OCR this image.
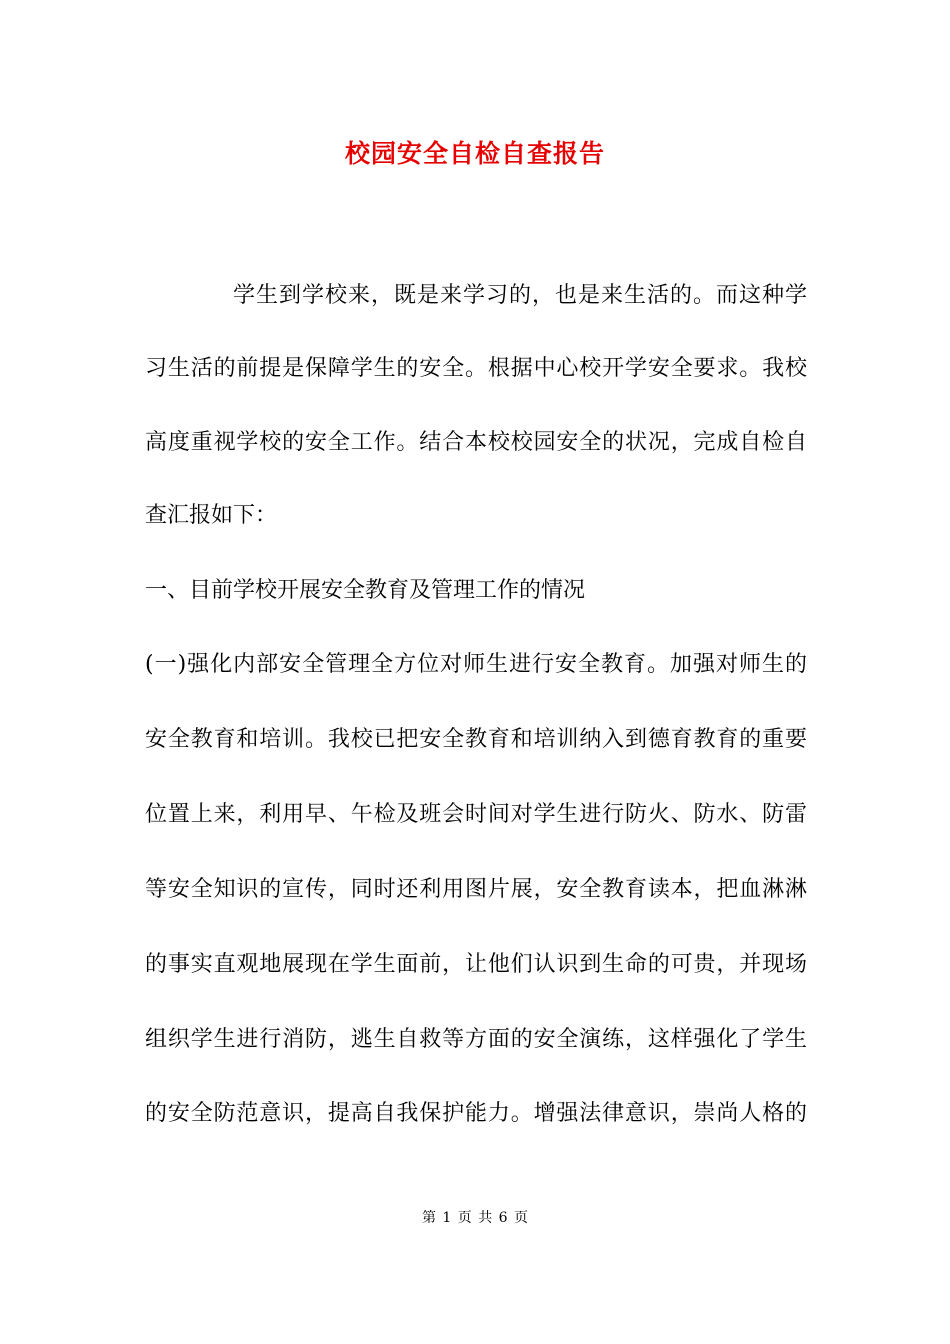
校园安全自检自查报告
学生到学校来，既是来学习的，也是来生活的。而这种学
习生活的前提是保障学生的安全。根据中心校开学安全要求。我校
高度重视学校的安全工作。结合本校校园安全的状况，完成自检自
查汇报如下：
一、目前学校开展安全教育及管理工作的情况
(一)强化内部安全管理全方位对师生进行安全教育。加强对师生的
安全教育和培训。我校已把安全教育和培训纳入到德育教育的重要
位置上来，利用早、午检及班会时间对学生进行防火、防水、防雷
等安全知识的宣传，同时还利用图片展，安全教育读本，把血淋淋
的事实直观地展现在学生面前，让他们认识到生命的可贵，并现场
组织学生进行消防，逃生自救等方面的安全演练，这样强化了学生
的安全防范意识，提高自我保护能力。增强法律意识，崇尚人格的
第 1 页 共 6 页
